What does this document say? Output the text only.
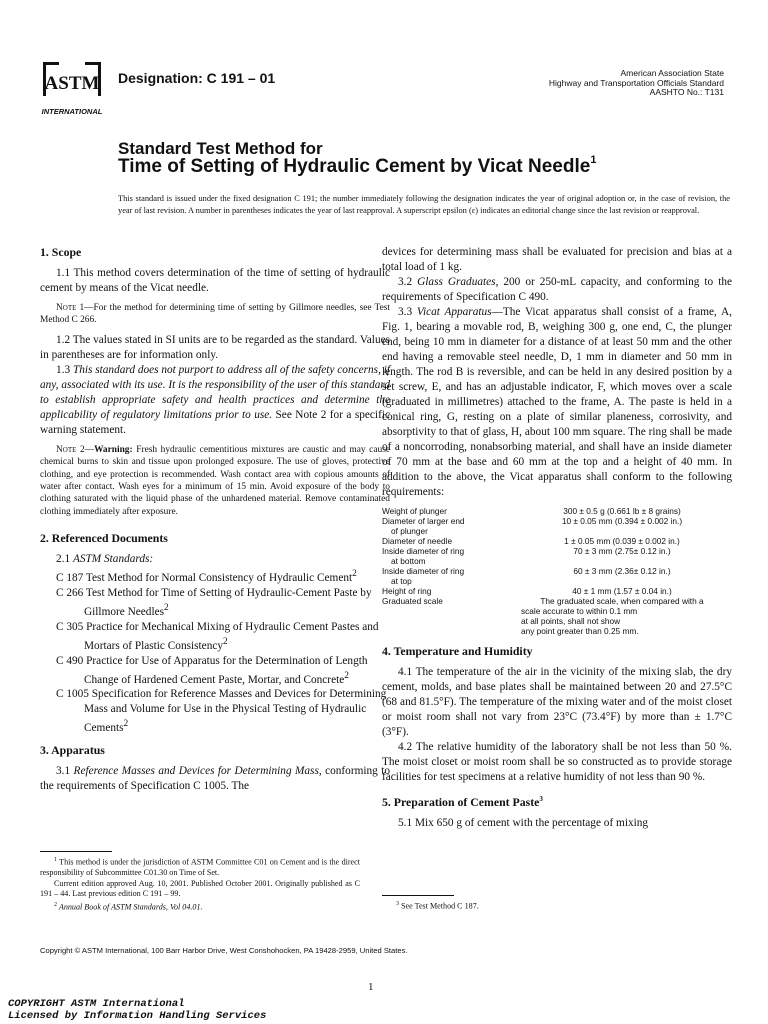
ASTM
INTERNATIONAL
Designation: C 191 – 01	American Association State
Highway and Transportation Officials Standard
AASHTO No.: T131
Standard Test Method for
Time of Setting of Hydraulic Cement by Vicat Needle$^1$
This standard is issued under the fixed designation C 191; the number immediately following the designation indicates the year of original adoption or, in the case of revision, the year of last revision. A number in parentheses indicates the year of last reapproval. A superscript epsilon (ε) indicates an editorial change since the last revision or reapproval.
1. Scope

1.1 This method covers determination of the time of setting of hydraulic cement by means of the Vicat needle.

Note 1—For the method for determining time of setting by Gillmore needles, see Test Method C 266.

1.2 The values stated in SI units are to be regarded as the standard. Values in parentheses are for information only.

1.3 This standard does not purport to address all of the safety concerns, if any, associated with its use. It is the responsibility of the user of this standard to establish appropriate safety and health practices and determine the applicability of regulatory limitations prior to use. See Note 2 for a specific warning statement.

Note 2—Warning: Fresh hydraulic cementitious mixtures are caustic and may cause chemical burns to skin and tissue upon prolonged exposure. The use of gloves, protective clothing, and eye protection is recommended. Wash contact area with copious amounts of water after contact. Wash eyes for a minimum of 15 min. Avoid exposure of the body to clothing saturated with the liquid phase of the unhardened material. Remove contaminated clothing immediately after exposure.
2. Referenced Documents

2.1 ASTM Standards:

C 187 Test Method for Normal Consistency of Hydraulic Cement$^2$
C 266 Test Method for Time of Setting of Hydraulic-Cement Paste by Gillmore Needles$^2$
C 305 Practice for Mechanical Mixing of Hydraulic Cement Pastes and Mortars of Plastic Consistency$^2$
C 490 Practice for Use of Apparatus for the Determination of Length Change of Hardened Cement Paste, Mortar, and Concrete$^2$
C 1005 Specification for Reference Masses and Devices for Determining Mass and Volume for Use in the Physical Testing of Hydraulic Cements$^2$
3. Apparatus

3.1 Reference Masses and Devices for Determining Mass, conforming to the requirements of Specification C 1005. The

$^1$ This method is under the jurisdiction of ASTM Committee C01 on Cement and is the direct responsibility of Subcommittee C01.30 on Time of Set.
Current edition approved Aug. 10, 2001. Published October 2001. Originally published as C 191 – 44. Last previous edition C 191 – 99.
$^2$ Annual Book of ASTM Standards, Vol 04.01.

devices for determining mass shall be evaluated for precision and bias at a total load of 1 kg.

3.2 Glass Graduates, 200 or 250-mL capacity, and conforming to the requirements of Specification C 490.

3.3 Vicat Apparatus—The Vicat apparatus shall consist of a frame, A, Fig. 1, bearing a movable rod, B, weighing 300 g, one end, C, the plunger end, being 10 mm in diameter for a distance of at least 50 mm and the other end having a removable steel needle, D, 1 mm in diameter and 50 mm in length. The rod B is reversible, and can be held in any desired position by a set screw, E, and has an adjustable indicator, F, which moves over a scale (graduated in millimetres) attached to the frame, A. The paste is held in a conical ring, G, resting on a plate of similar planeness, corrosivity, and absorptivity to that of glass, H, about 100 mm square. The ring shall be made of a noncorroding, nonabsorbing material, and shall have an inside diameter of 70 mm at the base and 60 mm at the top and a height of 40 mm. In addition to the above, the Vicat apparatus shall conform to the following requirements:

Weight of plunger	300 ± 0.5 g (0.661 lb ± 8 grains)
Diameter of larger end
of plunger
10 ± 0.05 mm (0.394 ± 0.002 in.)
Diameter of needle	1 ± 0.05 mm (0.039 ± 0.002 in.)
Inside diameter of ring
at bottom
70 ± 3 mm (2.75± 0.12 in.)
Inside diameter of ring
at top
60 ± 3 mm (2.36± 0.12 in.)
Height of ring	40 ± 1 mm (1.57 ± 0.04 in.)
Graduated scale	The graduated scale, when compared with a
scale accurate to within 0.1 mm
at all points, shall not show
any point greater than 0.25 mm.
4. Temperature and Humidity

4.1 The temperature of the air in the vicinity of the mixing slab, the dry cement, molds, and base plates shall be maintained between 20 and 27.5°C (68 and 81.5°F). The temperature of the mixing water and of the moist closet or moist room shall not vary from 23°C (73.4°F) by more than ± 1.7°C (3°F).

4.2 The relative humidity of the laboratory shall be not less than 50 %. The moist closet or moist room shall be so constructed as to provide storage facilities for test specimens at a relative humidity of not less than 90 %.

5. Preparation of Cement Paste$^3$

5.1 Mix 650 g of cement with the percentage of mixing

$^3$ See Test Method C 187.
Copyright © ASTM International, 100 Barr Harbor Drive, West Conshohocken, PA 19428-2959, United States.
1
COPYRIGHT ASTM International
Licensed by Information Handling Services
